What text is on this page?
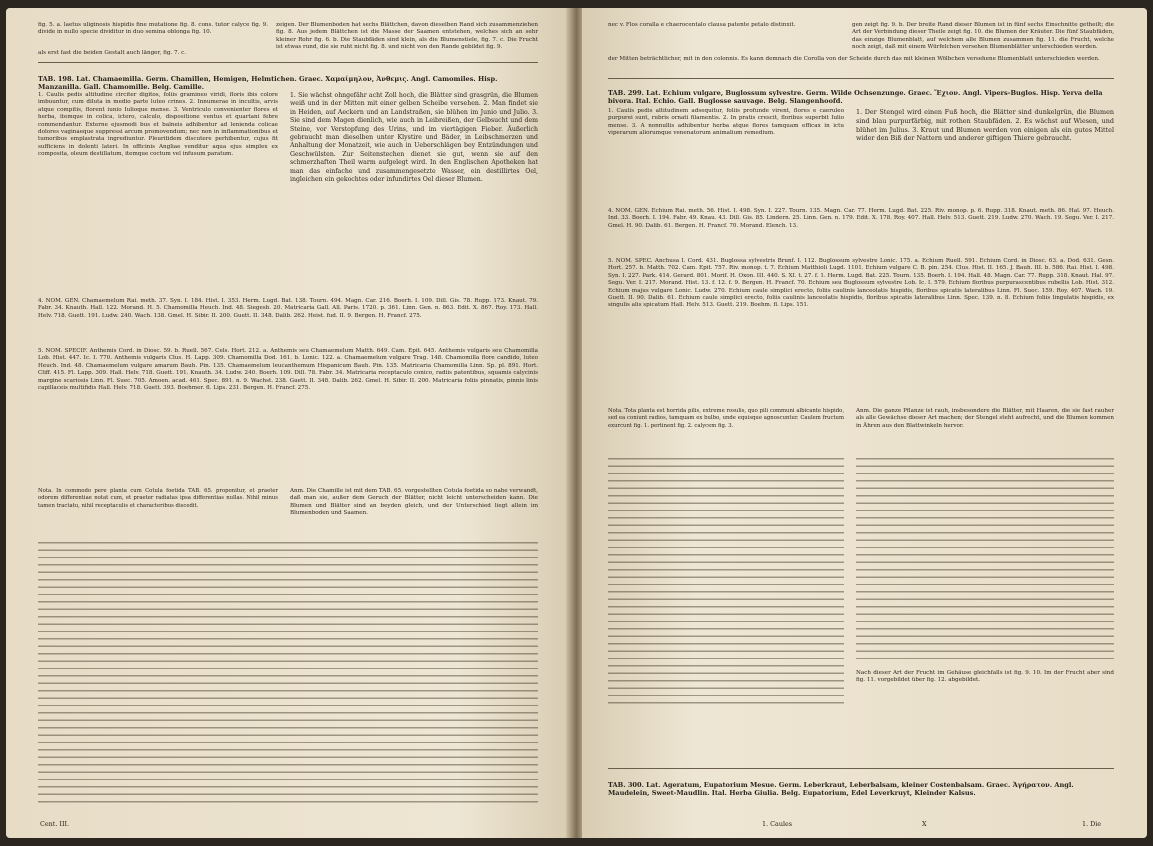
fig. 5. a. laetus uliginosis hispidis fine mutatione fig. 8. cons. tutor calyce fig. 9. divide in nullo specie dividitur in duo semina oblonga fig. 10.

zeigen. Der Blumenboden hat sechs Blättchen, davon dieselben Rand sich zusammenziehen fig. 8. Aus jedem Blättchen ist die Masse der Saamen entstehen, welches sich an sehr kleiner Rohr fig. 6. b. Die Staubfäden sind klein, als die Blumenstiele, fig. 7. c. Die Frucht ist etwas rund, die sie ruht nicht fig. 8. und nicht von den Rande gebildet fig. 9.

als erst fast die beiden Gestalt auch länger, fig. 7. c.

TAB. 198. Lat. Chamaemilla. Germ. Chamillen, Hemigen, Helmtichen. Graec. Χαμαίμηλον, Ἀνθεμις. Angl. Camomiles. Hisp. Manzanilla. Gall. Chamomille. Belg. Camille.

1. Caulis pedis altitudine circiter digitos, foliis gramineo viridi, floris ibis colore imbuuntur, cum diluta in medio parte luteo crines. 2. Innumerae in incultis, arvis atque compitis, florent iunio Iulioque mense. 3. Ventriculo convenienter flores et herba, itemque in colica, ictero, calculo, dispositione ventus et quartani febre commendantur. Externe ejusmodi bus et balneis adhibentur ad lenienda colicae dolores vaginaeque suppressi arcum promovendum; nec non in inflammationibus et tumoribus emplastrata ingrediuntur. Pleuritidem discutere perhibentur, cujus fit sufficiens in dolenti lateri. In officinis Angliae venditur aqua ejus simplex ex composita, oleum destillatum, itemque coctum vel infusum paratum.

1. Sie wächst ohngefähr acht Zoll hoch, die Blätter sind grasgrün, die Blumen weiß und in der Mitten mit einer gelben Scheibe versehen. 2. Man findet sie in Heiden, auf Aeckern und an Landstraßen, sie blühen im Junio und Julio. 3. Sie sind dem Magen dienlich, wie auch in Leibreißen, der Gelbsucht und dem Steine, vor Verstopfung des Urins, und im viertägigen Fieber. Äußerlich gebraucht man dieselben unter Klystire und Bäder, in Leibschmerzen und Anhaltung der Monatzeit, wie auch in Ueberschlägen bey Entzündungen und Geschwülsten. Zur Seitenstechen dienet sie gut, wenn sie auf den schmerzhaften Theil warm aufgelegt wird. In den Englischen Apotheken hat man das einfache und zusammengesetzte Wasser, ein destillirtes Oel, ingleichen ein gekochtes oder infundirtes Oel dieser Blumen.

4. NOM. GEN. Chamaemelum Rai. meth. 37. Syn. I. 184. Hist. I. 353. Herm. Lugd. Bat. 138. Tourn. 494. Magn. Car. 216. Boerh. I. 109. Dill. Gis. 78. Rupp. 173. Knaut. 79. Fabr. 34. Knauth. Hall. 122. Morand. H. 5. Chamomilla Heuch. Ind. 48. Siegesb. 20. Matricaria Gall. All. Paris. 1720. p. 361. Linn. Gen. n. 863. Edit. X. 867. Roy. 173. Hall. Helv. 718. Guett. 191. Ludw. 240. Wach. 138. Gmel. H. Sibir. II. 200. Guett. II. 348. Dalib. 262. Heist. fud. II. 9. Bergen. H. Francf. 275.

5. NOM. SPECIF. Anthemis Cord. in Diosc. 59. b. Ruell. 567. Cels. Hort. 212. a. Anthemis seu Chamaemelum Matth. 649. Cam. Epit. 645. Anthemis vulgaris seu Chamomilla Lob. Hist. 447. Ic. I. 770. Anthemis vulgaris Clus. H. Lapp. 309. Chamomilla Dod. 161. b. Lonic. 122. a. Chamaemelum vulgare Trag. 148. Chamomilla flore candido, luteo Heuch. Ind. 48. Chamaemelum vulgare amarum Bauh. Pin. 135. Chamaemelum leucanthemum Hispanicum Bauh. Pin. 135. Matricaria Chamomilla Linn. Sp. pl. 891. Hort. Cliff. 415. Fl. Lapp. 309. Hall. Helv. 718. Guett. 191. Knauth. 34. Ludw. 240. Boerh. 109. Dill. 78. Fabr. 34. Matricaria receptaculo conico, radiis patentibus, squamis calycinis margine scariosis Linn. Fl. Suec. 705. Amoen. acad. 461. Spec. 891. n. 9. Wachst. 238. Guett. II. 348. Dalib. 262. Gmel. H. Sibir. II. 200. Matricaria foliis pinnatis, pinnis linis capillaceis multifidis Hall. Helv. 718. Guett. 393. Boehmer. fl. Lips. 231. Bergen. H. Francf. 275.

Nota. In commodo pere planta cum Cotula foetida TAB. 65. proponitur, et praeter odorem differentiae notat cum, et praeter radiatas ipsa differentias nullas. Nihil minus tamen tractatu, nihil receptaculis et characteribus discedit.

Anm. Die Chamille ist mit dem TAB. 65. vorgestellten Cotula foetida so nahe verwandt, daß man sie, außer dem Geruch der Blätter, nicht leicht unterscheiden kann. Die Blumen und Blätter sind an beyden gleich, und der Unterschied liegt allein im Blumenboden und Saamen.

Cent. III.

nec v. Flos coralla e chaerocentalo clausa patente petalo distinxit.	gen zeigt fig. 9. b. Der breite Rand dieser Blumen ist in fünf sechs Einschnitte getheilt; die Art der Verbindung dieser Theile zeigt fig. 10. die Blumen der Kräuter. Die fünf Staubfäden, das einzige Blumenblatt, auf welchem alle Blumen zusammen fig. 11. die Frucht, welche noch zeigt, daß mit einem Würfelchen versehen Blumenblätter unterschieden werden.

der Mitten beträchtlicher, mit in den colonnis. Es kann demnach die Corolla von der Scheide durch das mit kleinen Wölbchen versehene Blumenblatt unterschieden werden.

TAB. 299. Lat. Echium vulgare, Buglossum sylvestre. Germ. Wilde Ochsenzunge. Graec. Ἔχιον. Angl. Vipers-Buglos. Hisp. Yerva della bivora. Ital. Echio. Gall. Buglosse sauvage. Belg. Slangenhoofd.

1. Caulis pedis altitudinem adsequitur, foliis profunde virent, flores e caeruleo purpurei sunt, rubris ornati filamentis. 2. In pratis crescit, floribus superbit Iulio mense. 3. A nonnullis adhibentur herba atque flores tamquam efficax in ictu viperarum aliorumque venenatorum animalium remedium.

1. Der Stengel wird einen Fuß hoch, die Blätter sind dunkelgrün, die Blumen sind blau purpurfärbig, mit rothen Staubfäden. 2. Es wächst auf Wiesen, und blühet im Julius. 3. Kraut und Blumen werden von einigen als ein gutes Mittel wider den Biß der Nattern und anderer giftigen Thiere gebraucht.

4. NOM. GEN. Echium Rai. meth. 56. Hist. I. 498. Syn. I. 227. Tourn. 135. Magn. Car. 77. Herm. Lugd. Bat. 225. Riv. monop. p. 6. Rupp. 318. Knaut. meth. 86. Hal. 97. Heuch. Ind. 33. Boerh. I. 194. Fabr. 49. Knau. 43. Dill. Gis. 85. Lindern. 25. Linn. Gen. n. 179. Edit. X. 178. Roy. 407. Hall. Helv. 513. Guett. 219. Ludw. 270. Wach. 19. Segu. Ver. I. 217. Gmel. H. 90. Dalib. 61. Bergen. H. Francf. 70. Morand. Elench. 13.

5. NOM. SPEC. Anchusa I. Cord. 431. Buglossa sylvestris Brunf. I. 112. Buglossum sylvestre Lonic. 175. a. Echium Ruell. 591. Echium Cord. in Diosc. 63. a. Dod. 631. Gesn. Hort. 257. b. Matth. 702. Cam. Epit. 757. Riv. monop. t. 7. Echium Matthioli Lugd. 1101. Echium vulgare C. B. pin. 254. Clus. Hist. II. 165. J. Bauh. III. b. 586. Rai. Hist. I. 498. Syn. I. 227. Park. 414. Gerard. 801. Morif. H. Oxon. III. 440. S. XI. t. 27. f. 1. Herm. Lugd. Bat. 225. Tourn. 135. Boerh. I. 194. Hall. 48. Magn. Car. 77. Rupp. 318. Knaut. Hal. 97. Segu. Ver. I. 217. Morand. Hist. 13. f. 12. f. 9. Bergen. H. Francf. 70. Echium seu Buglossum sylvestre Lob. Ic. I. 579. Echium floribus purpurascentibus rubellis Lob. Hist. 312. Echium majus vulgare Lonic. Ludw. 270. Echium caule simplici erecto, foliis caulinis lanceolatis hispidis, floribus spicatis lateralibus Linn. Fl. Suec. 159. Roy. 407. Wach. 19. Guett. II. 90. Dalib. 61. Echium caule simplici erecto, foliis caulinis lanceolatis hispidis, floribus spicatis lateralibus Linn. Spec. 139. n. 8. Echium foliis lingulatis hispidis, ex singulis alis spicatum Hall. Helv. 513. Guett. 219. Boehm. fl. Lips. 151.

Nota. Tota planta est horrida pilis, extreme rosulis, quo pili communi albicante hispido, sed ea coniunt radios, tamquam ex bulbo, unde equisque agnoscuntur. Caulem fructum exurcunt fig. 1. pertinent fig. 2. calycem fig. 3.

Anm. Die ganze Pflanze ist rauh, insbesondere die Blätter, mit Haaren, die sie fast rauher als alle Gewächse dieser Art machen; der Stengel steht aufrecht, und die Blumen kommen in Ähren aus den Blattwinkeln hervor.

Nach dieser Art der Frucht im Gehäuse gleichfalls ist fig. 9. 10. Im der Frucht aber sind fig. 11. vorgebildet über fig. 12. abgebildet.

TAB. 300. Lat. Ageratum, Eupatorium Mesue. Germ. Leberkraut, Leberbalsam, kleiner Costenbalsam. Graec. Ἀγήρατον. Angl. Maudelein, Sweet-Maudlin. Ital. Herba Giulia. Belg. Eupatorium, Edel Leverkruyt, Kleinder Kalsus.

1. Caules	X	1. Die
